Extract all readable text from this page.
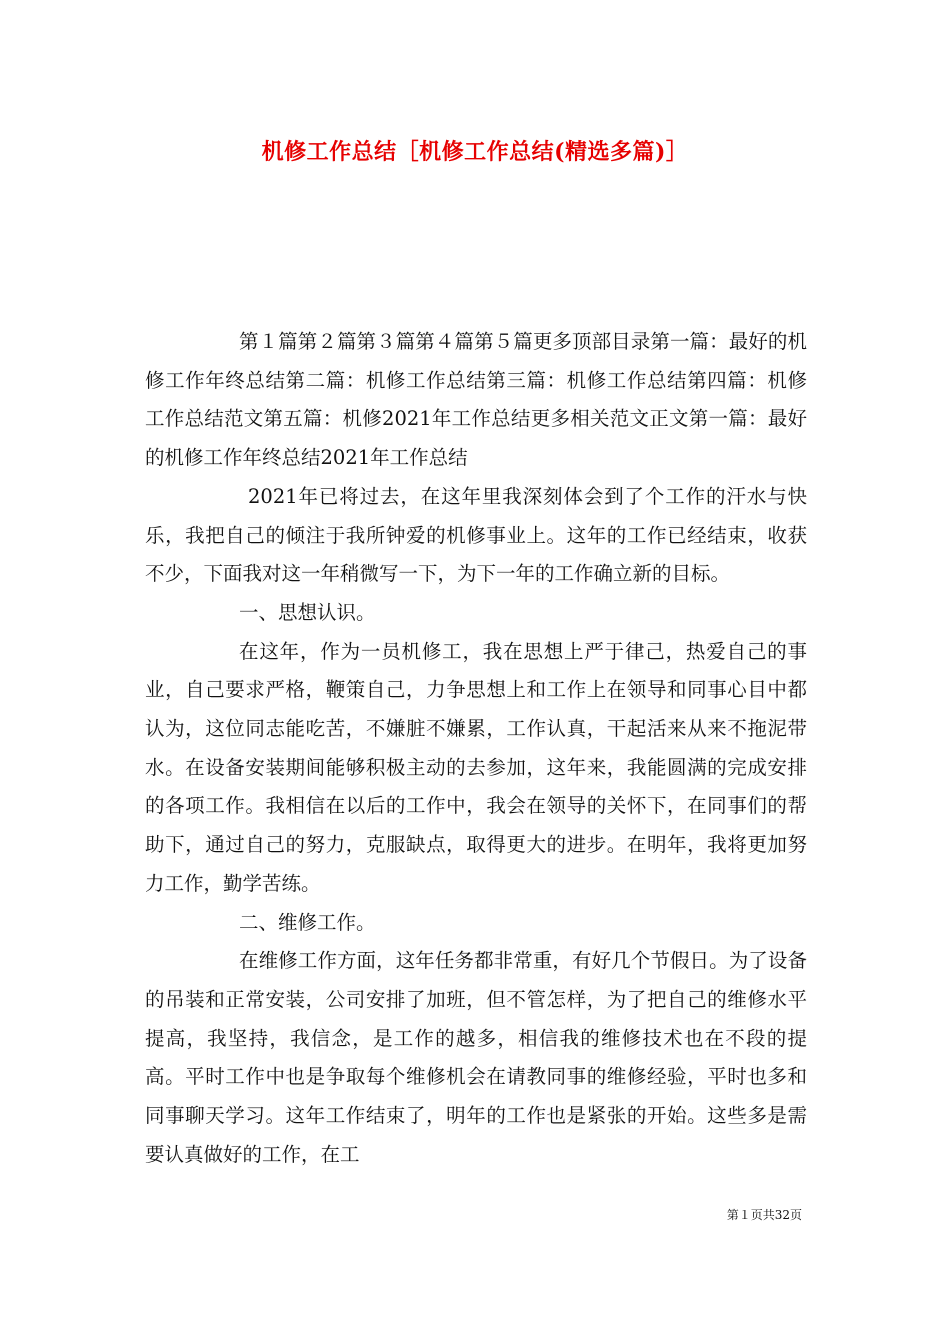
机修工作总结［机修工作总结(精选多篇)］

第１篇第２篇第３篇第４篇第５篇更多顶部目录第一篇：最好的机修工作年终总结第二篇：机修工作总结第三篇：机修工作总结第四篇：机修工作总结范文第五篇：机修2021年工作总结更多相关范文正文第一篇：最好的机修工作年终总结2021年工作总结

2021年已将过去，在这年里我深刻体会到了个工作的汗水与快乐，我把自己的倾注于我所钟爱的机修事业上。这年的工作已经结束，收获不少，下面我对这一年稍微写一下，为下一年的工作确立新的目标。

一、思想认识。

在这年，作为一员机修工，我在思想上严于律己，热爱自己的事业，自己要求严格，鞭策自己，力争思想上和工作上在领导和同事心目中都认为，这位同志能吃苦，不嫌脏不嫌累，工作认真，干起活来从来不拖泥带水。在设备安装期间能够积极主动的去参加，这年来，我能圆满的完成安排的各项工作。我相信在以后的工作中，我会在领导的关怀下，在同事们的帮助下，通过自己的努力，克服缺点，取得更大的进步。在明年，我将更加努力工作，勤学苦练。

二、维修工作。

在维修工作方面，这年任务都非常重，有好几个节假日。为了设备的吊装和正常安装，公司安排了加班，但不管怎样，为了把自己的维修水平提高，我坚持，我信念，是工作的越多，相信我的维修技术也在不段的提高。平时工作中也是争取每个维修机会在请教同事的维修经验，平时也多和同事聊天学习。这年工作结束了，明年的工作也是紧张的开始。这些多是需要认真做好的工作，在工

第１页共32页
